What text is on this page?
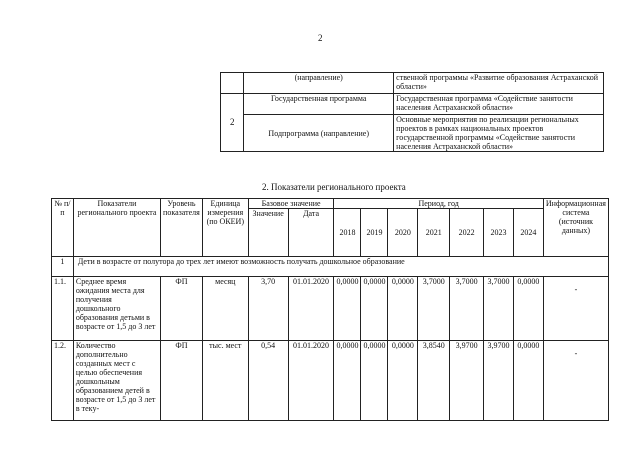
2
		(направление)	ственной программы «Развитие образования Астраханской области»
	2	Государственная программа	Государственная программа «Содействие занятости населения Астраханской области»
		Подпрограмма (направление)	Основные мероприятия по реализации региональных проектов в рамках национальных проектов государственной программы «Содействие занятости населения Астраханской области»
2. Показатели регионального проекта
№ п/п	Показатели регионального проекта	Уровень показателя	Единица измерения (по ОКЕИ)	Базовое значение		Период, год							Информационная система (источник данных)
				Значение	Дата	2018	2019	2020	2021	2022	2023	2024	
1	Дети в возрасте от полутора до трех лет имеют возможность получать дошкольное образование												
1.1.	Среднее время ожидания места для получения дошкольного образования детьми в возрасте от 1,5 до 3 лет	ФП	месяц	3,70	01.01.2020	0,0000	0,0000	0,0000	3,7000	3,7000	3,7000	0,0000	-
1.2.	Количество дополнительно созданных мест с целью обеспечения дошкольным образованием детей в возрасте от 1,5 до 3 лет в теку-	ФП	тыс. мест	0,54	01.01.2020	0,0000	0,0000	0,0000	3,8540	3,9700	3,9700	0,0000	-
